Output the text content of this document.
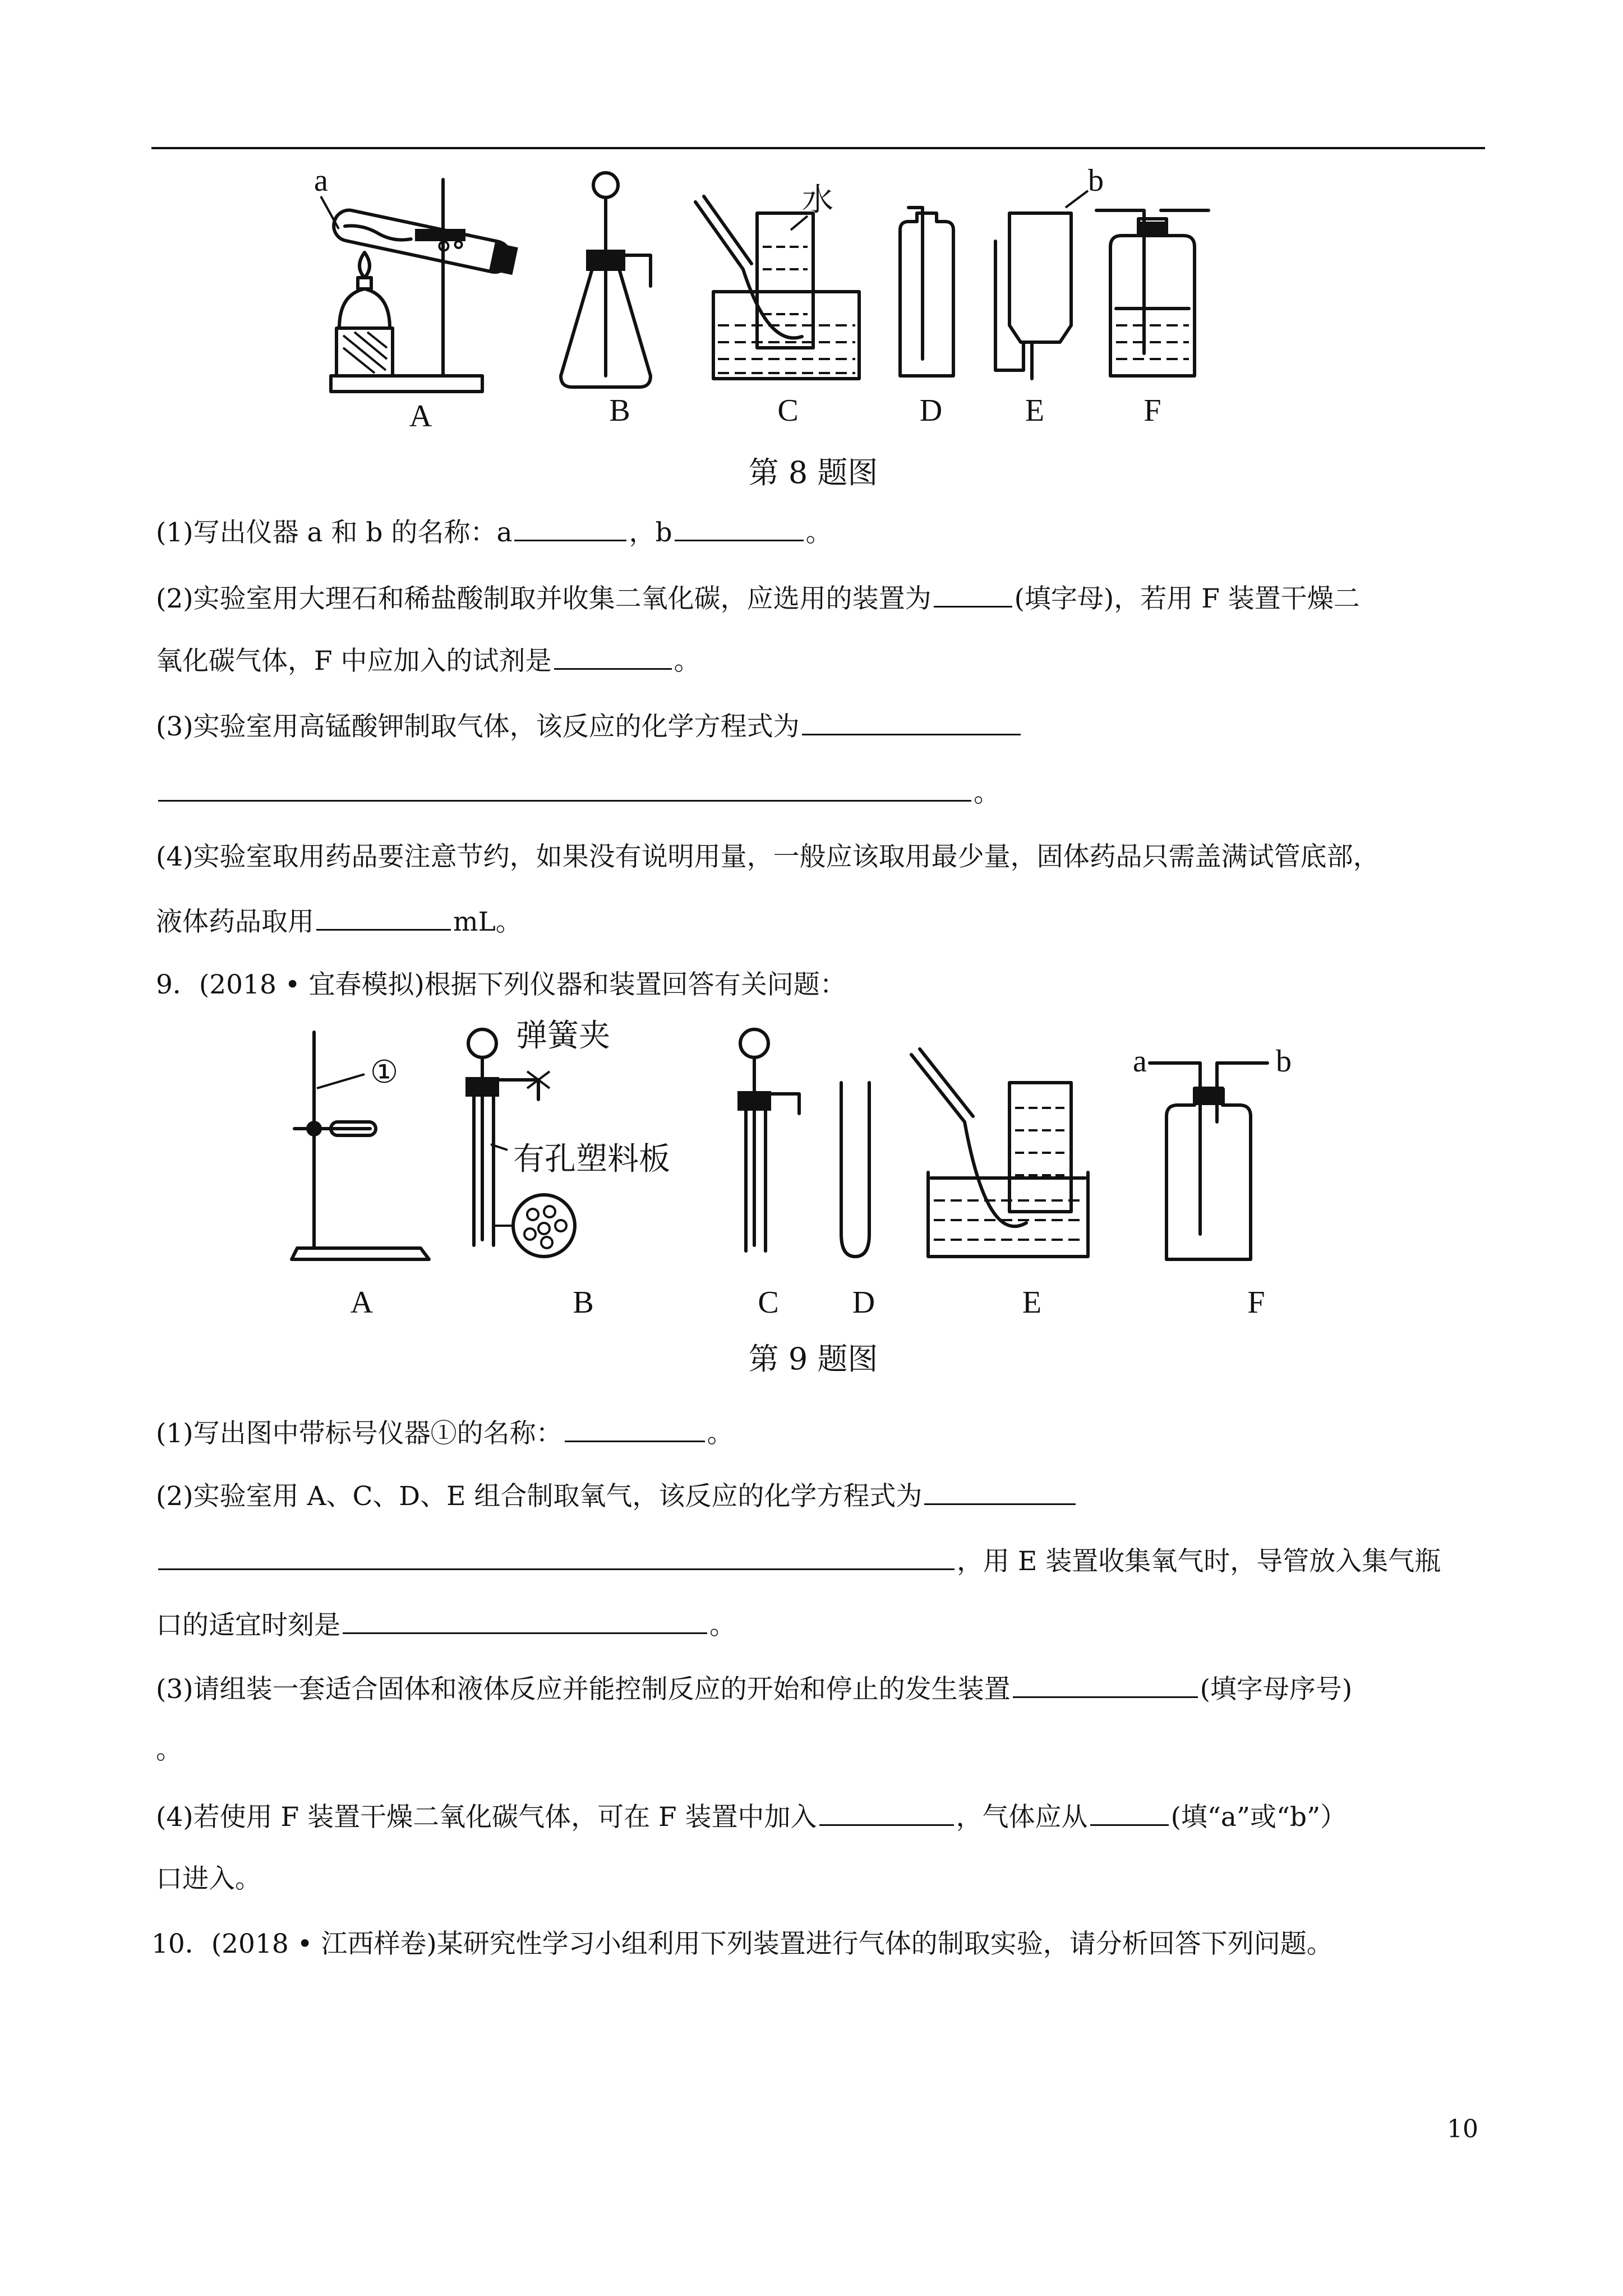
a
水
b
A	B	C	D	E	F
第 8 题图
(1)写出仪器 a 和 b 的名称：a	，b	。
(2)实验室用大理石和稀盐酸制取并收集二氧化碳，应选用的装置为	(填字母)，若用 F 装置干燥二
氧化碳气体，F 中应加入的试剂是	。
(3)实验室用高锰酸钾制取气体，该反应的化学方程式为
。
(4)实验室取用药品要注意节约，如果没有说明用量，一般应该取用最少量，固体药品只需盖满试管底部，
液体药品取用	mL。
9．(2018 • 宜春模拟)根据下列仪器和装置回答有关问题：
①
弹簧夹
有孔塑料板
a	b
A	B	C D	E	F
第 9 题图
(1)写出图中带标号仪器①的名称：	。
(2)实验室用 A、C、D、E 组合制取氧气，该反应的化学方程式为
，用 E 装置收集氧气时，导管放入集气瓶
口的适宜时刻是	。
(3)请组装一套适合固体和液体反应并能控制反应的开始和停止的发生装置	(填字母序号)
。
(4)若使用 F 装置干燥二氧化碳气体，可在 F 装置中加入	，气体应从	(填“a”或“b”）
口进入。
10．(2018 • 江西样卷)某研究性学习小组利用下列装置进行气体的制取实验，请分析回答下列问题。
10
